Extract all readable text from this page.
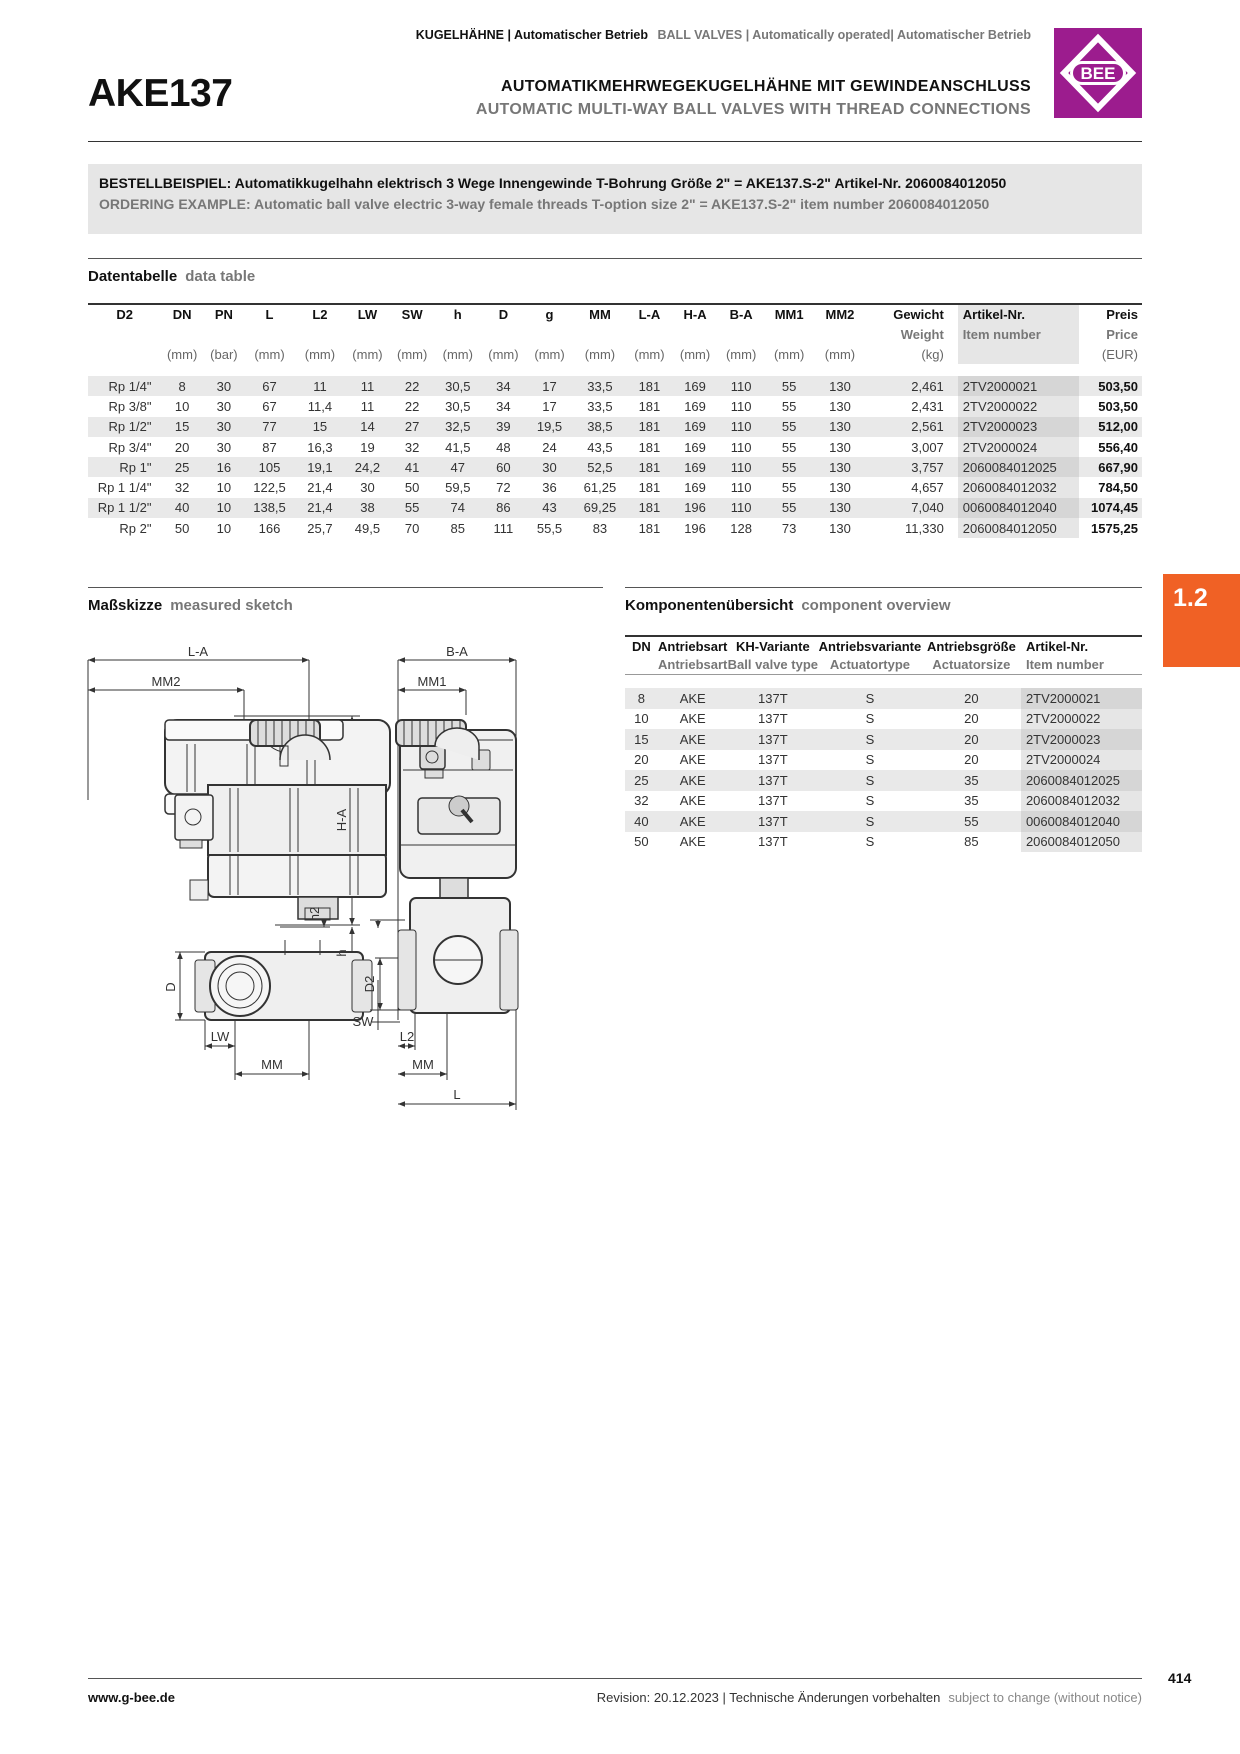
KUGELHÄHNE | Automatischer Betrieb BALL VALVES | Automatically operated| Automatischer Betrieb
AKE137	AUTOMATIKMEHRWEGEKUGELHÄHNE MIT GEWINDEANSCHLUSS
AUTOMATIC MULTI-WAY BALL VALVES WITH THREAD CONNECTIONS
BEE
BESTELLBEISPIEL: Automatikkugelhahn elektrisch 3 Wege Innengewinde T-Bohrung Größe 2" = AKE137.S-2" Artikel-Nr. 2060084012050
ORDERING EXAMPLE: Automatic ball valve electric 3-way female threads T-option size 2" = AKE137.S-2" item number 2060084012050
Datentabelle data table
D2	DN	PN	L	L2	LW	SW	h	D	g	MM	L-A	H-A	B-A	MM1	MM2	Gewicht	Artikel-Nr.	Preis
																Weight	Item number	Price
	(mm)	(bar)	(mm)	(mm)	(mm)	(mm)	(mm)	(mm)	(mm)	(mm)	(mm)	(mm)	(mm)	(mm)	(mm)	(kg)		(EUR)

Rp 1/4"	8	30	67	11	11	22	30,5	34	17	33,5	181	169	110	55	130	2,461	2TV2000021	503,50
Rp 3/8"	10	30	67	11,4	11	22	30,5	34	17	33,5	181	169	110	55	130	2,431	2TV2000022	503,50
Rp 1/2"	15	30	77	15	14	27	32,5	39	19,5	38,5	181	169	110	55	130	2,561	2TV2000023	512,00
Rp 3/4"	20	30	87	16,3	19	32	41,5	48	24	43,5	181	169	110	55	130	3,007	2TV2000024	556,40
Rp 1"	25	16	105	19,1	24,2	41	47	60	30	52,5	181	169	110	55	130	3,757	2060084012025	667,90
Rp 1 1/4"	32	10	122,5	21,4	30	50	59,5	72	36	61,25	181	169	110	55	130	4,657	2060084012032	784,50
Rp 1 1/2"	40	10	138,5	21,4	38	55	74	86	43	69,25	181	196	110	55	130	7,040	0060084012040	1074,45
Rp 2"	50	10	166	25,7	49,5	70	85	111	55,5	83	181	196	128	73	130	11,330	2060084012050	1575,25
Maßskizze measured sketch
L-A
MM2
H-A
h2
h
D
LW
MM
B-A
MM1
D2
SW
L2
MM
L
Komponentenübersicht component overview
DN	Antriebsart	KH-Variante	Antriebsvariante	Antriebsgröße	Artikel-Nr.
	Antriebsart	Ball valve type	Actuatortype	Actuatorsize	Item number

8	AKE	137T	S	20	2TV2000021
10	AKE	137T	S	20	2TV2000022
15	AKE	137T	S	20	2TV2000023
20	AKE	137T	S	20	2TV2000024
25	AKE	137T	S	35	2060084012025
32	AKE	137T	S	35	2060084012032
40	AKE	137T	S	55	0060084012040
50	AKE	137T	S	85	2060084012050
1.2
www.g-bee.de	Revision: 20.12.2023 | Technische Änderungen vorbehalten subject to change (without notice)
414
